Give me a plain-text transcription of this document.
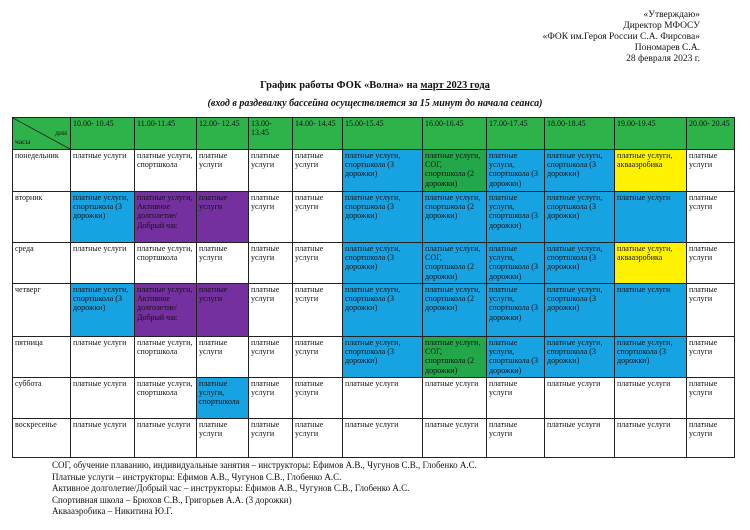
«Утверждаю»
Директор МФОСУ
«ФОК им.Героя России С.А. Фирсова»
Пономарев С.А.
28 февраля 2023 г.
График работы ФОК «Волна» на март 2023 года
(вход в раздевалку бассейна осуществляется за 15 минут до начала сеанса)
часы
дни	10.00- 10.45	11.00-11.45	12.00- 12.45	13.00- 13.45	14.00- 14.45	15.00-15.45	16.00-16.45	17.00-17.45	18.00-18.45	19.00-19.45	20.00- 20.45
понедельник	платные услуги	платные услуги, спортшкола	платные услуги	платные услуги	платные услуги	платные услуги, спортшкола (3 дорожки)	платные услуги, СОГ, спортшкола (2 дорожки)	платные услуги, спортшкола (3 дорожки)	платные услуги, спортшкола (3 дорожки)	платные услуги, аквааэробика	платные услуги
вторник	платные услуги, спортшкола (3 дорожки)	платные услуги, Активное долголетие/ Добрый час	платные услуги	платные услуги	платные услуги	платные услуги, спортшкола (3 дорожки)	платные услуги, спортшкола (2 дорожки)	платные услуги, спортшкола (3 дорожки)	платные услуги, спортшкола (3 дорожки)	платные услуги	платные услуги
среда	платные услуги	платные услуги, спортшкола	платные услуги	платные услуги	платные услуги	платные услуги, спортшкола (3 дорожки)	платные услуги, СОГ, спортшкола (2 дорожки)	платные услуги, спортшкола (3 дорожки)	платные услуги, спортшкола (3 дорожки)	платные услуги, аквааэробика	платные услуги
четверг	платные услуги, спортшкола (3 дорожки)	платные услуги, Активное долголетие/ Добрый час	платные услуги	платные услуги	платные услуги	платные услуги, спортшкола (3 дорожки)	платные услуги, спортшкола (2 дорожки)	платные услуги, спортшкола (3 дорожки)	платные услуги, спортшкола (3 дорожки)	платные услуги	платные услуги
пятница	платные услуги	платные услуги, спортшкола	платные услуги	платные услуги	платные услуги	платные услуги, спортшкола (3 дорожки)	платные услуги, СОГ, спортшкола (2 дорожки)	платные услуги, спортшкола (3 дорожки)	платные услуги, спортшкола (3 дорожки)	платные услуги, спортшкола (3 дорожки)	платные услуги
суббота	платные услуги	платные услуги, спортшкола	платные услуги, спортшкола	платные услуги	платные услуги	платные услуги	платные услуги	платные услуги	платные услуги	платные услуги	платные услуги
воскресенье	платные услуги	платные услуги	платные услуги	платные услуги	платные услуги	платные услуги	платные услуги	платные услуги	платные услуги	платные услуги	платные услуги
СОГ, обучение плаванию, индивидуальные занятия – инструкторы: Ефимов А.В., Чугунов С.В., Глобенко А.С.
Платные услуги – инструкторы: Ефимов А.В., Чугунов С.В., Глобенко А.С.
Активное долголетие/Добрый час – инструкторы: Ефимов А.В., Чугунов С.В., Глобенко А.С.
Спортивная школа – Брюхов С.В., Григорьев А.А. (3 дорожки)
Аквааэробика – Никитина Ю.Г.
